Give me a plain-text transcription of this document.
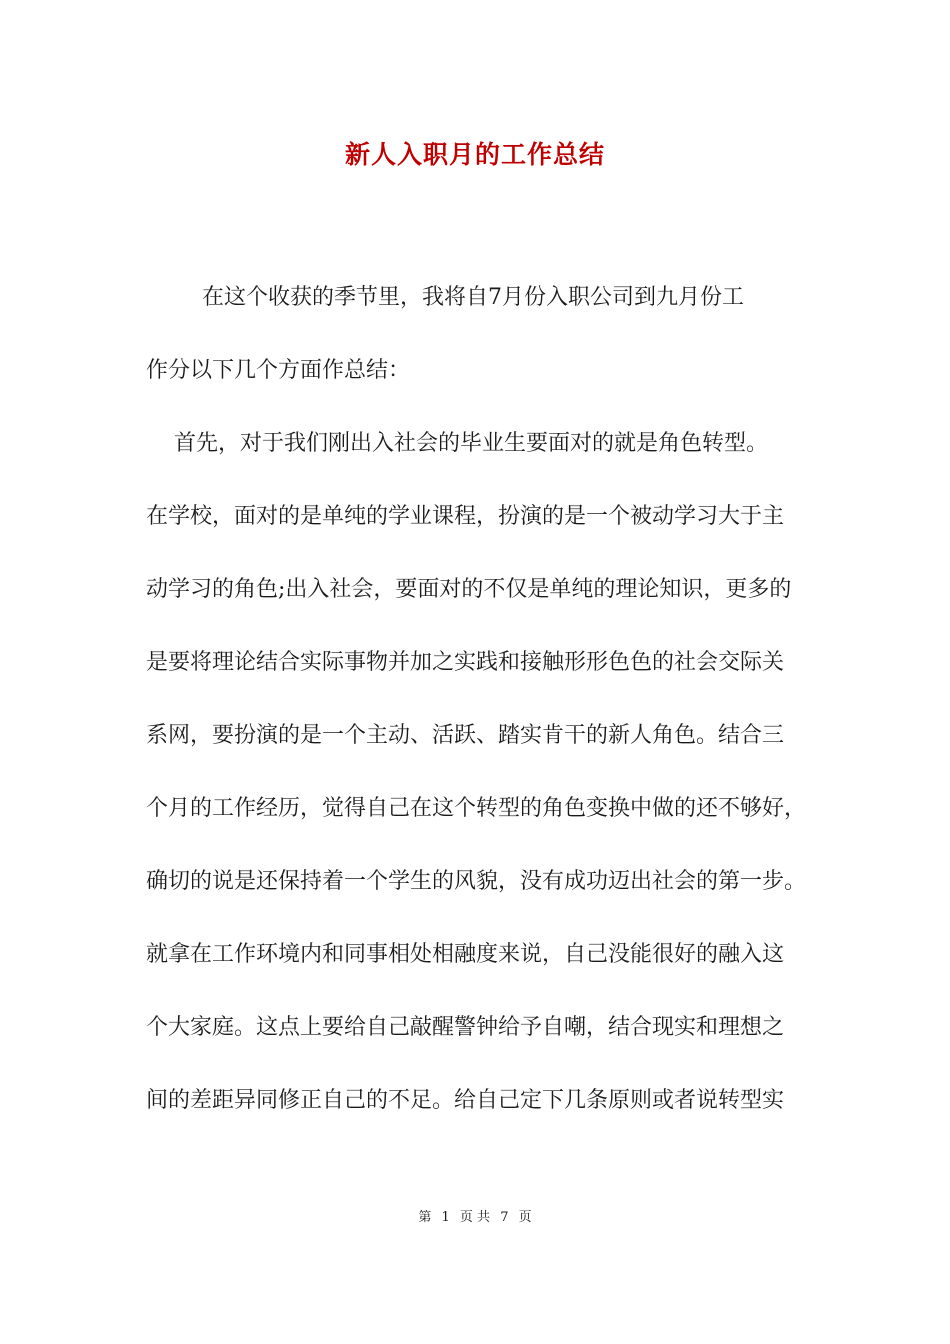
新人入职月的工作总结

在这个收获的季节里，我将自7月份入职公司到九月份工

作分以下几个方面作总结：

首先，对于我们刚出入社会的毕业生要面对的就是角色转型。

在学校，面对的是单纯的学业课程，扮演的是一个被动学习大于主

动学习的角色;出入社会，要面对的不仅是单纯的理论知识，更多的

是要将理论结合实际事物并加之实践和接触形形色色的社会交际关

系网，要扮演的是一个主动、活跃、踏实肯干的新人角色。结合三

个月的工作经历，觉得自己在这个转型的角色变换中做的还不够好，

确切的说是还保持着一个学生的风貌，没有成功迈出社会的第一步。

就拿在工作环境内和同事相处相融度来说，自己没能很好的融入这

个大家庭。这点上要给自己敲醒警钟给予自嘲，结合现实和理想之

间的差距异同修正自己的不足。给自己定下几条原则或者说转型实

第 1 页 共 7 页
